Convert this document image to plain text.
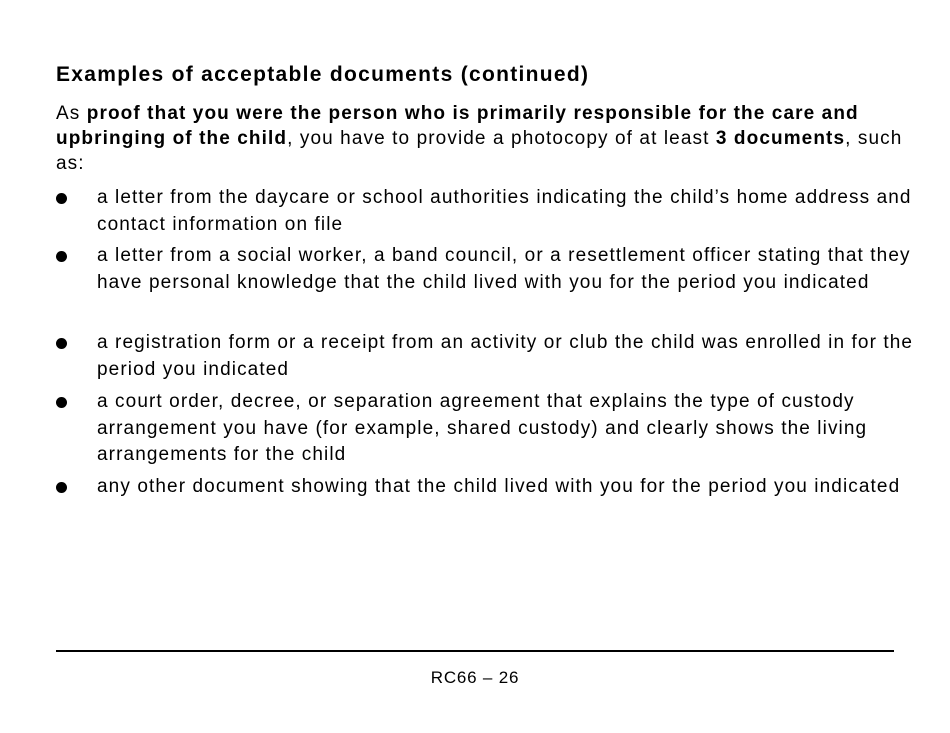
Examples of acceptable documents (continued)

As proof that you were the person who is primarily responsible for the care and upbringing of the child, you have to provide a photocopy of at least 3 documents, such as:

a letter from the daycare or school authorities indicating the child’s home address and contact information on file
a letter from a social worker, a band council, or a resettlement officer stating that they have personal knowledge that the child lived with you for the period you indicated
a registration form or a receipt from an activity or club the child was enrolled in for the period you indicated
a court order, decree, or separation agreement that explains the type of custody arrangement you have (for example, shared custody) and clearly shows the living arrangements for the child
any other document showing that the child lived with you for the period you indicated
RC66 – 26
